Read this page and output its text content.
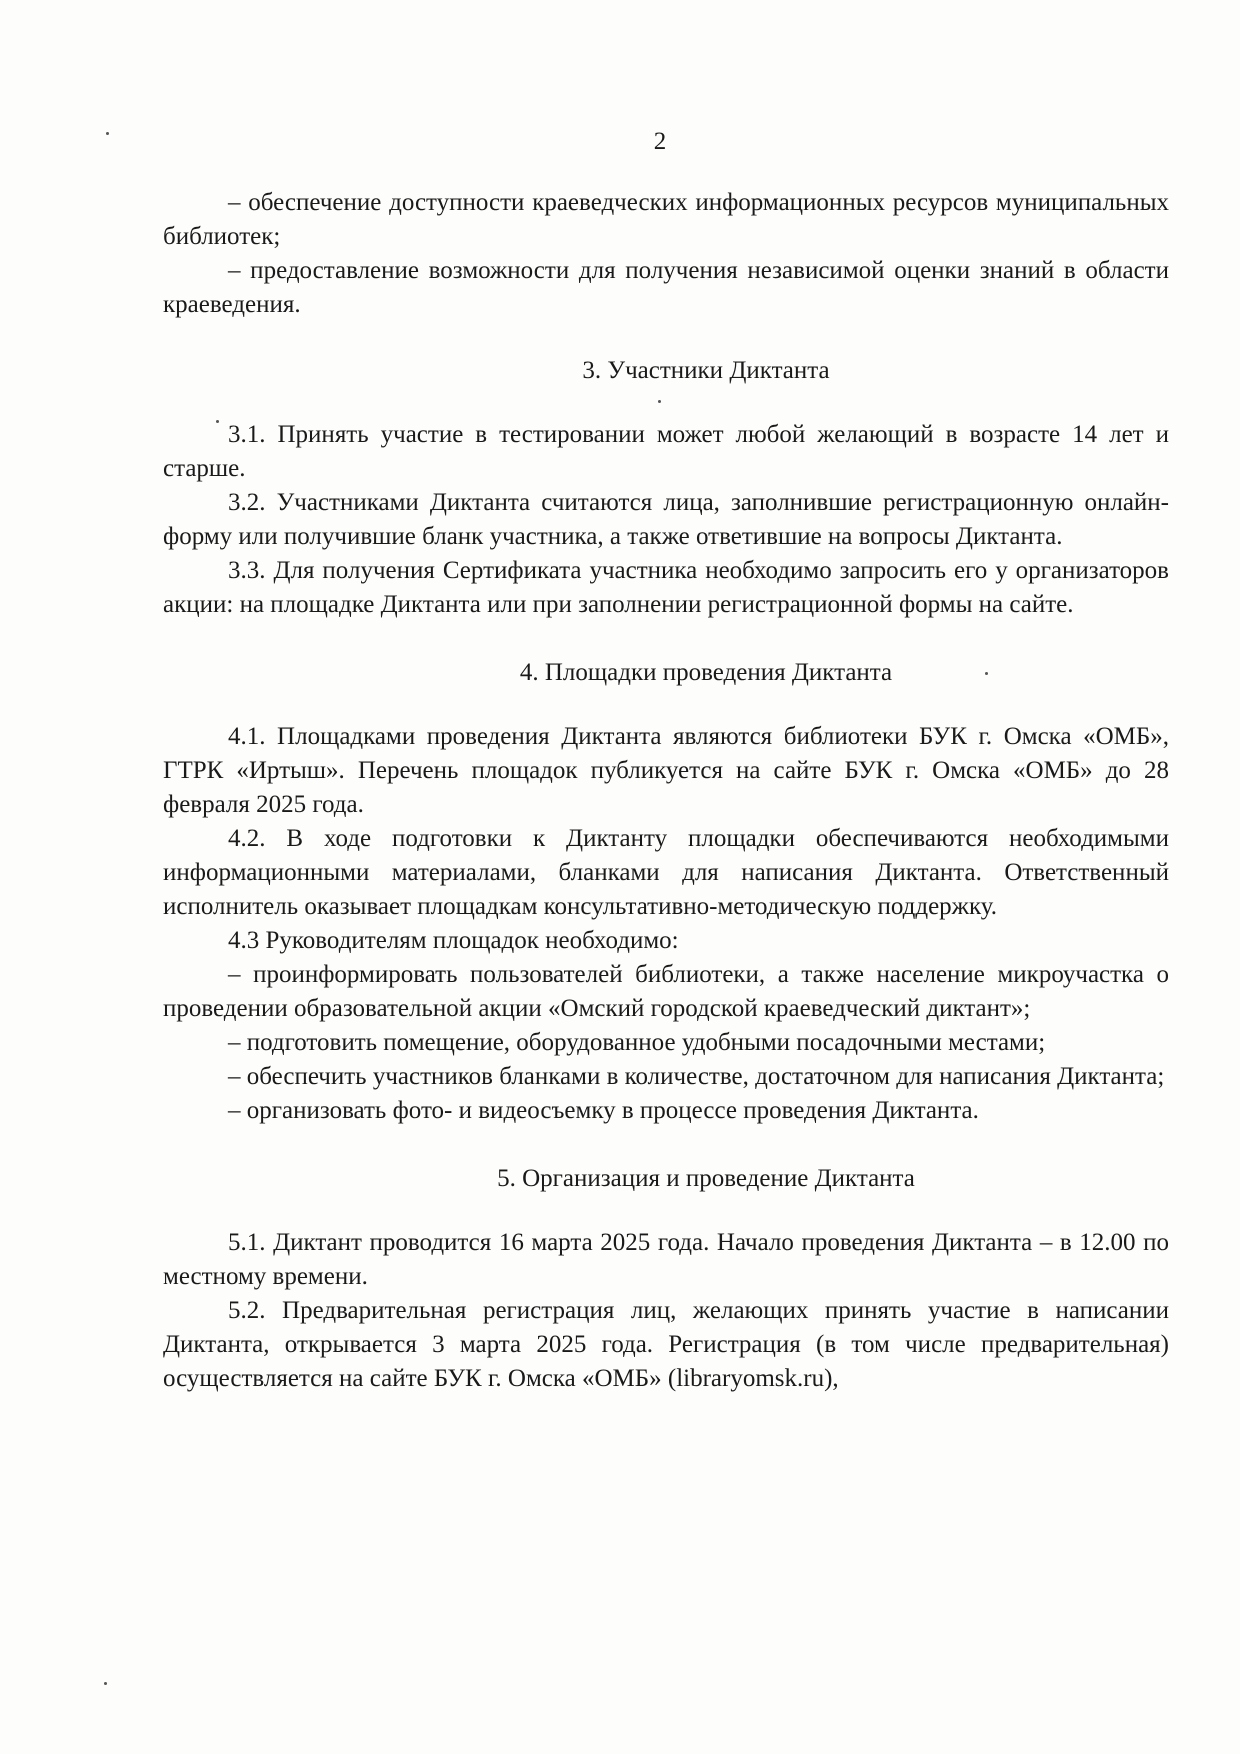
2

– обеспечение доступности краеведческих информационных ресурсов муниципальных библиотек;

– предоставление возможности для получения независимой оценки знаний в области краеведения.

3. Участники Диктанта

3.1. Принять участие в тестировании может любой желающий в возрасте 14 лет и старше.

3.2. Участниками Диктанта считаются лица, заполнившие регистрационную онлайн-форму или получившие бланк участника, а также ответившие на вопросы Диктанта.

3.3. Для получения Сертификата участника необходимо запросить его у организаторов акции: на площадке Диктанта или при заполнении регистрационной формы на сайте.

4. Площадки проведения Диктанта

4.1. Площадками проведения Диктанта являются библиотеки БУК г. Омска «ОМБ», ГТРК «Иртыш». Перечень площадок публикуется на сайте БУК г. Омска «ОМБ» до 28 февраля 2025 года.

4.2. В ходе подготовки к Диктанту площадки обеспечиваются необходимыми информационными материалами, бланками для написания Диктанта. Ответственный исполнитель оказывает площадкам консультативно-методическую поддержку.

4.3 Руководителям площадок необходимо:

– проинформировать пользователей библиотеки, а также население микроучастка о проведении образовательной акции «Омский городской краеведческий диктант»;

– подготовить помещение, оборудованное удобными посадочными местами;

– обеспечить участников бланками в количестве, достаточном для написания Диктанта;

– организовать фото- и видеосъемку в процессе проведения Диктанта.

5. Организация и проведение Диктанта

5.1. Диктант проводится 16 марта 2025 года. Начало проведения Диктанта – в 12.00 по местному времени.

5.2. Предварительная регистрация лиц, желающих принять участие в написании Диктанта, открывается 3 марта 2025 года. Регистрация (в том числе предварительная) осуществляется на сайте БУК г. Омска «ОМБ» (libraryomsk.ru),
